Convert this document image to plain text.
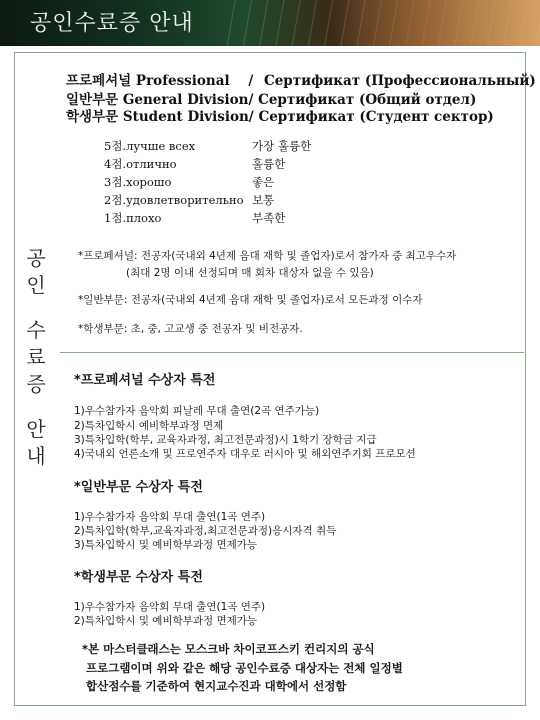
공인수료증 안내
공
인
수
료
증
안
내
프로페셔널 Professional / Сертификат (Профессиональный)
일반부문 General Division/ Сертификат (Общий отдел)
학생부문 Student Division/ Сертификат (Студент сектор)
5점.лучше всех	가장 훌륭한
4점.отлично	훌륭한
3점.хорошо	좋은
2점.удовлетворительно 보통
1점.плохо	부족한
*프로페셔널: 전공자(국내외 4년제 음대 재학 및 졸업자)로서 참가자 중 최고우수자
(최대 2명 이내 선정되며 매 회차 대상자 없을 수 있음)
*일반부문: 전공자(국내외 4년제 음대 재학 및 졸업자)로서 모든과정 이수자
*학생부문: 초, 중, 고교생 중 전공자 및 비전공자.
*프로페셔널 수상자 특전
1)우수참가자 음악회 피날레 무대 출연(2곡 연주가능)
2)특차입학시 예비학부과정 면제
3)특차입학(학부, 교육자과정, 최고전문과정)시 1학기 장학금 지급
4)국내외 언론소개 및 프로연주자 대우로 러시아 및 해외연주기회 프로모션
*일반부문 수상자 특전
1)우수참가자 음악회 무대 출연(1곡 연주)
2)특차입학(학부,교육자과정,최고전문과정)응시자격 취득
3)특차입학시 및 예비학부과정 면제가능
*학생부문 수상자 특전
1)우수참가자 음악회 무대 출연(1곡 연주)
2)특차입학시 및 예비학부과정 면제가능
*본 마스터클래스는 모스크바 차이코프스키 컨리지의 공식
프로그램이며 위와 같은 해당 공인수료증 대상자는 전체 일정별
합산점수를 기준하여 현지교수진과 대학에서 선정함
